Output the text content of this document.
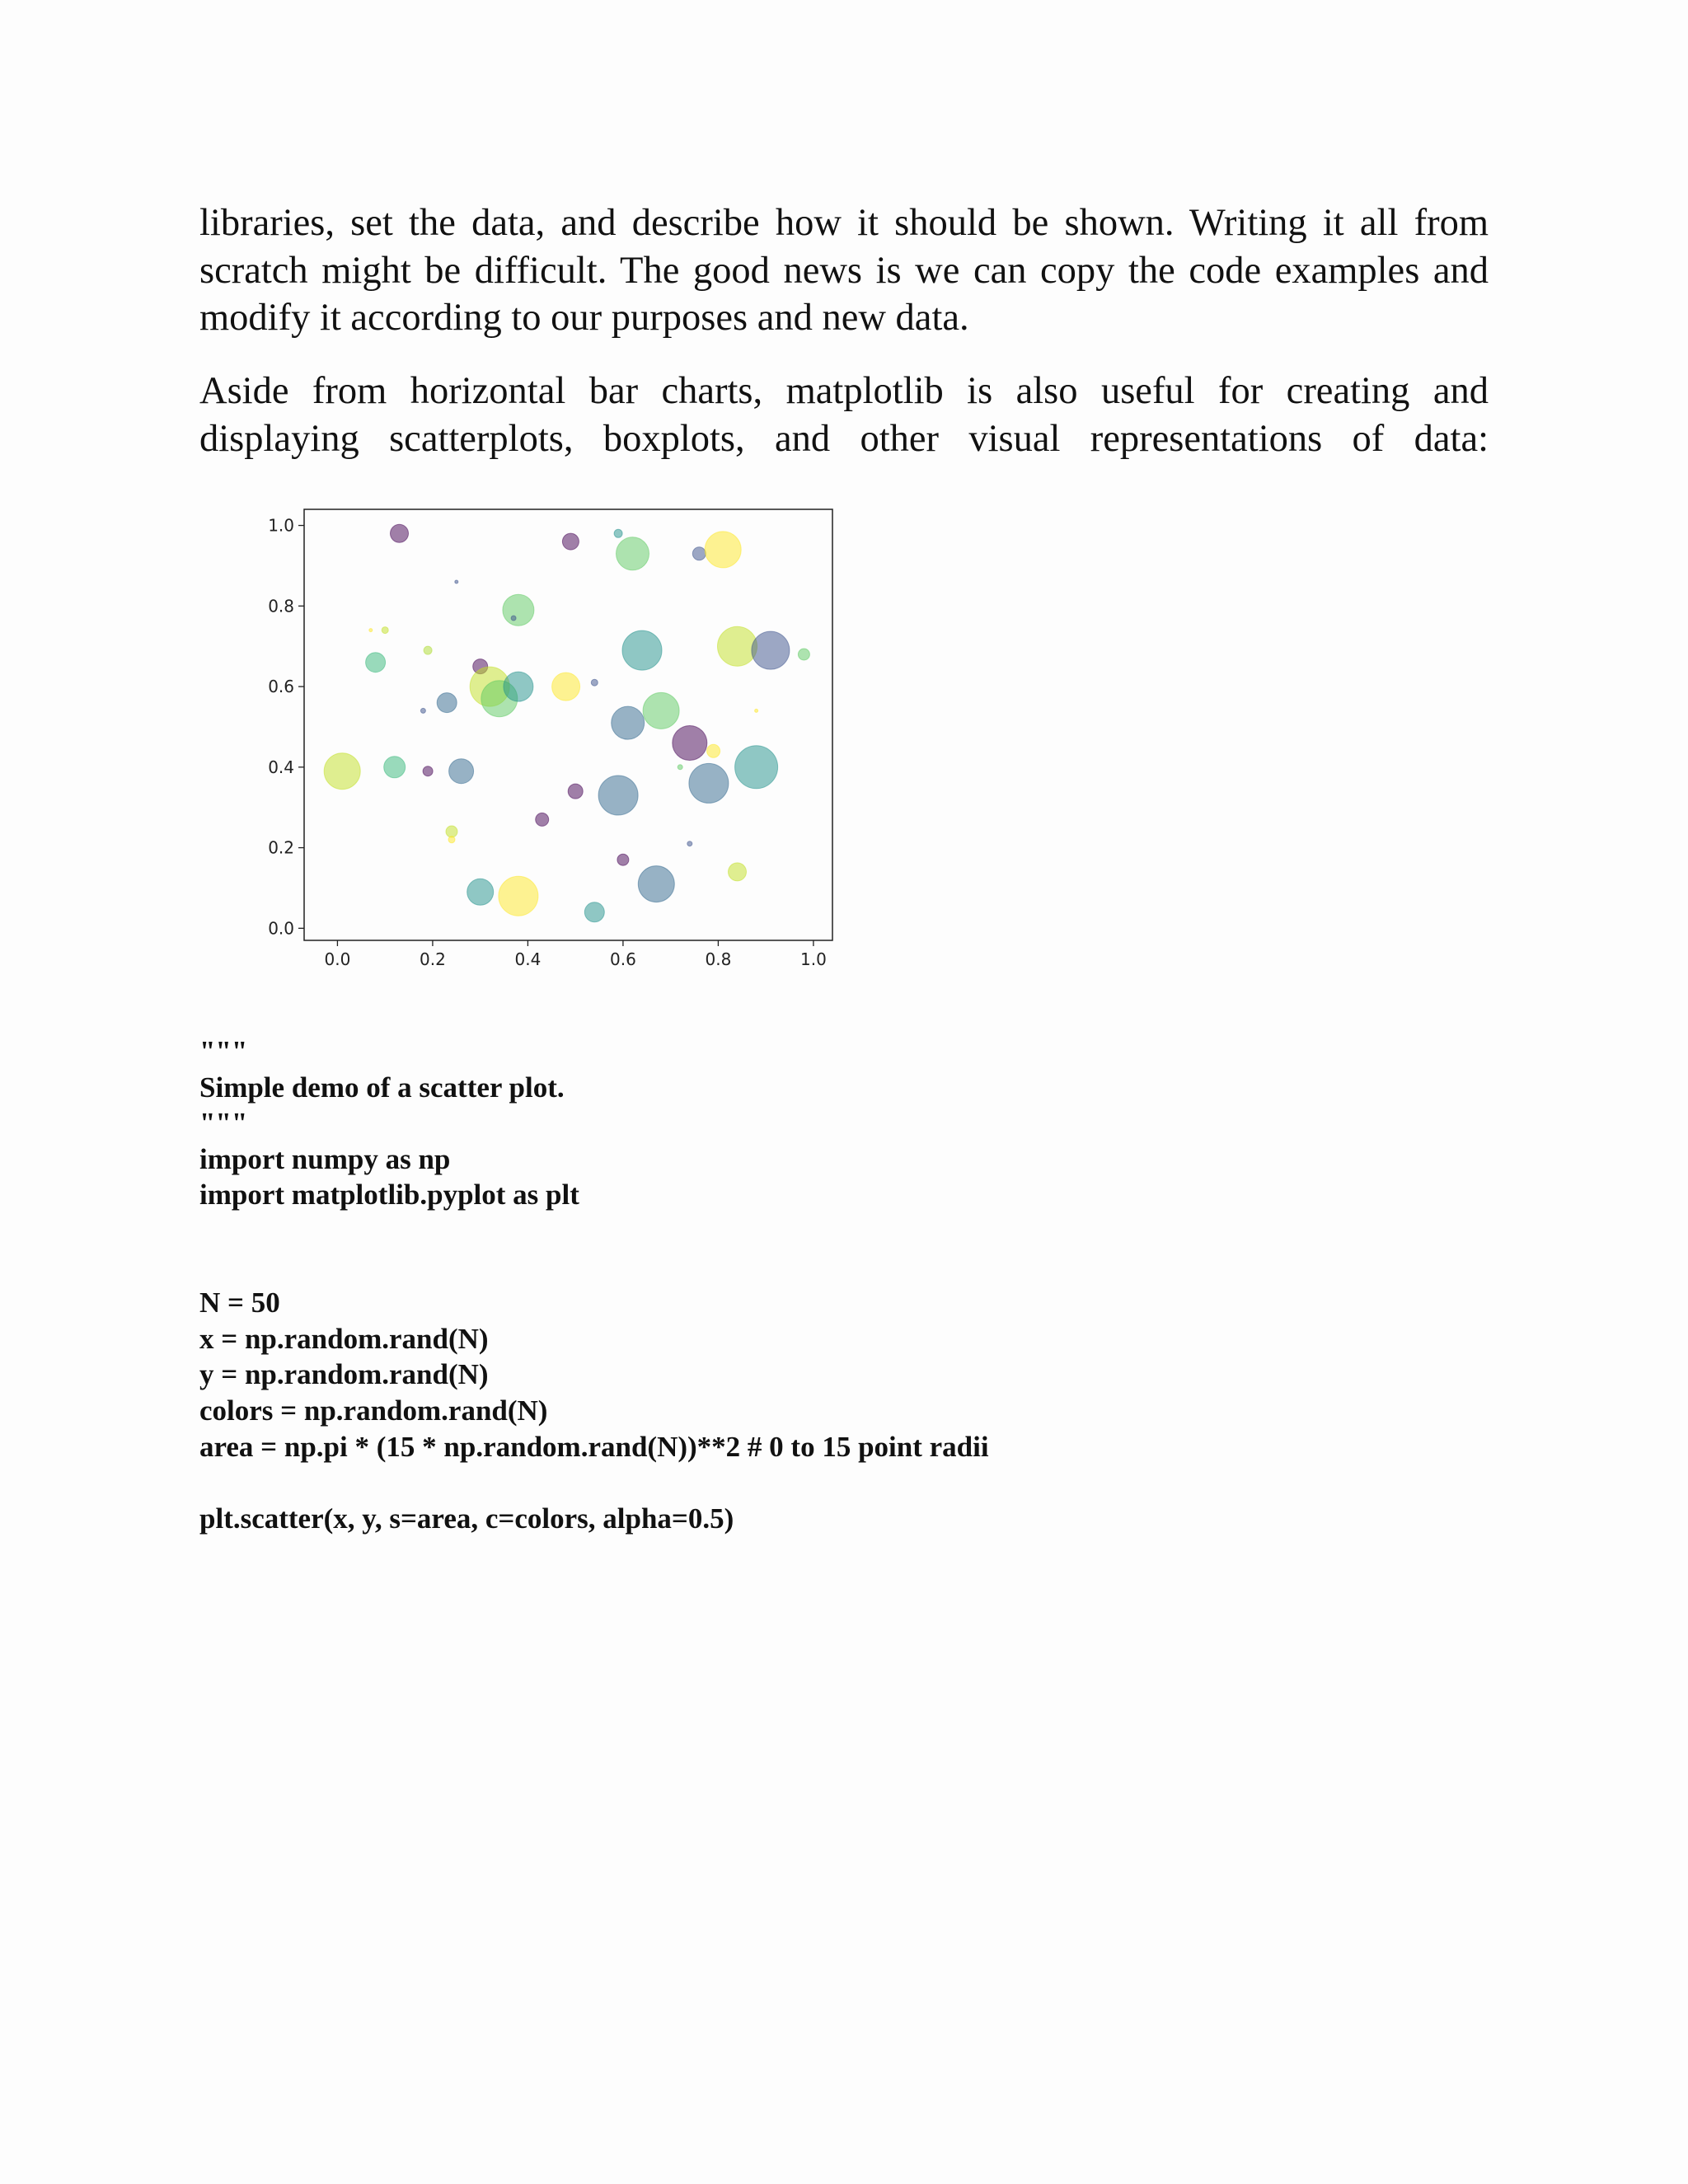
libraries, set the data, and describe how it should be shown. Writing it all from scratch might be difficult. The good news is we can copy the code examples and modify it according to our purposes and new data.

Aside from horizontal bar charts, matplotlib is also useful for creating and displaying scatterplots, boxplots, and other visual representations of data:

0.0	0.2	0.4	0.6	0.8	1.0
0.0
0.2
0.4
0.6
0.8
1.0

"""

Simple demo of a scatter plot.

"""

import numpy as np

import matplotlib.pyplot as plt

N = 50

x = np.random.rand(N)

y = np.random.rand(N)

colors = np.random.rand(N)

area = np.pi * (15 * np.random.rand(N))**2 # 0 to 15 point radii

plt.scatter(x, y, s=area, c=colors, alpha=0.5)
